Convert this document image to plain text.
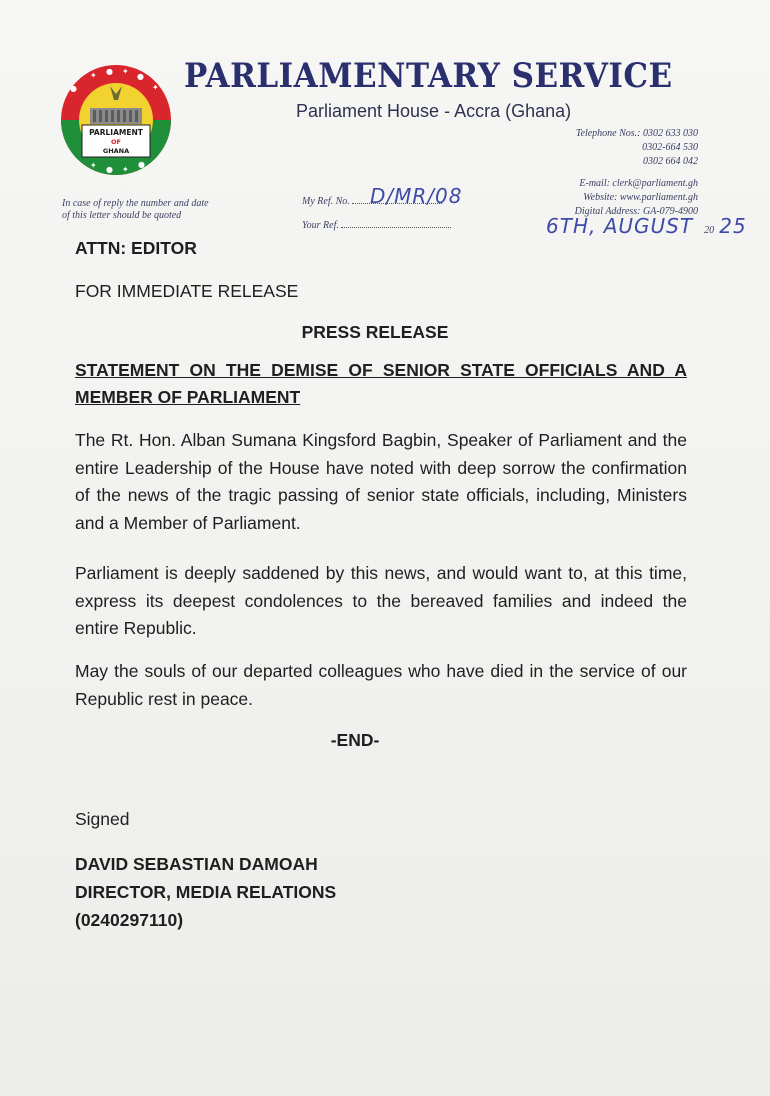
✦ ● ✦
●
✦
●
✦ ● ✦
●
PARLIAMENT
OF
GHANA
PARLIAMENTARY SERVICE
Parliament House - Accra (Ghana)
Telephone Nos.: 0302 633 030
0302-664 530
0302 664 042
E-mail: clerk@parliament.gh
Website: www.parliament.gh
Digital Address: GA-079-4900
In case of reply the number and date of this letter should be quoted
My Ref. No. D/MR/08
Your Ref.	6TH, AUGUST 20 25
ATTN: EDITOR
FOR IMMEDIATE RELEASE
PRESS RELEASE
STATEMENT ON THE DEMISE OF SENIOR STATE OFFICIALS AND A MEMBER OF PARLIAMENT
The Rt. Hon. Alban Sumana Kingsford Bagbin, Speaker of Parliament and the entire Leadership of the House have noted with deep sorrow the confirmation of the news of the tragic passing of senior state officials, including, Ministers and a Member of Parliament.
Parliament is deeply saddened by this news, and would want to, at this time, express its deepest condolences to the bereaved families and indeed the entire Republic.
May the souls of our departed colleagues who have died in the service of our Republic rest in peace.
-END-
Signed
DAVID SEBASTIAN DAMOAH
DIRECTOR, MEDIA RELATIONS
(0240297110)
